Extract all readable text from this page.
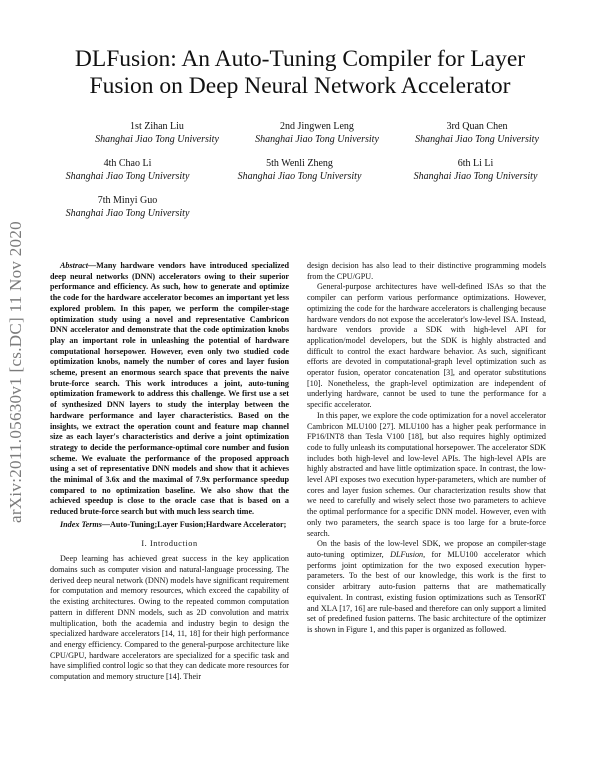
arXiv:2011.05630v1 [cs.DC] 11 Nov 2020
DLFusion: An Auto-Tuning Compiler for Layer
Fusion on Deep Neural Network Accelerator
1st Zihan Liu
Shanghai Jiao Tong University
2nd Jingwen Leng
Shanghai Jiao Tong University
3rd Quan Chen
Shanghai Jiao Tong University
4th Chao Li
Shanghai Jiao Tong University
5th Wenli Zheng
Shanghai Jiao Tong University
6th Li Li
Shanghai Jiao Tong University
7th Minyi Guo
Shanghai Jiao Tong University

Abstract—Many hardware vendors have introduced specialized deep neural networks (DNN) accelerators owing to their superior performance and efficiency. As such, how to generate and optimize the code for the hardware accelerator becomes an important yet less explored problem. In this paper, we perform the compiler-stage optimization study using a novel and representative Cambricon DNN accelerator and demonstrate that the code optimization knobs play an important role in unleashing the potential of hardware computational horsepower. However, even only two studied code optimization knobs, namely the number of cores and layer fusion scheme, present an enormous search space that prevents the naive brute-force search. This work introduces a joint, auto-tuning optimization framework to address this challenge. We first use a set of synthesized DNN layers to study the interplay between the hardware performance and layer characteristics. Based on the insights, we extract the operation count and feature map channel size as each layer's characteristics and derive a joint optimization strategy to decide the performance-optimal core number and fusion scheme. We evaluate the performance of the proposed approach using a set of representative DNN models and show that it achieves the minimal of 3.6x and the maximal of 7.9x performance speedup compared to no optimization baseline. We also show that the achieved speedup is close to the oracle case that is based on a reduced brute-force search but with much less search time.

Index Terms—Auto-Tuning;Layer Fusion;Hardware Accelerator;

I. Introduction

Deep learning has achieved great success in the key application domains such as computer vision and natural-language processing. The derived deep neural network (DNN) models have significant requirement for computation and memory resources, which exceed the capability of the existing architectures. Owing to the repeated common computation pattern in different DNN models, such as 2D convolution and matrix multiplication, both the academia and industry begin to design the specialized hardware accelerators [14, 11, 18] for their high performance and energy efficiency. Compared to the general-purpose architecture like CPU/GPU, hardware accelerators are specialized for a specific task and have simplified control logic so that they can dedicate more resources for computation and memory structure [14]. Their

design decision has also lead to their distinctive programming models from the CPU/GPU.

General-purpose architectures have well-defined ISAs so that the compiler can perform various performance optimizations. However, optimizing the code for the hardware accelerators is challenging because hardware vendors do not expose the accelerator's low-level ISA. Instead, hardware vendors provide a SDK with high-level API for application/model developers, but the SDK is highly abstracted and difficult to control the exact hardware behavior. As such, significant efforts are devoted in computational-graph level optimization such as operator fusion, operator concatenation [3], and operator substitutions [10]. Nonetheless, the graph-level optimization are independent of underlying hardware, cannot be used to tune the performance for a specific accelerator.

In this paper, we explore the code optimization for a novel accelerator Cambricon MLU100 [27]. MLU100 has a higher peak performance in FP16/INT8 than Tesla V100 [18], but also requires highly optimized code to fully unleash its computational horsepower. The accelerator SDK includes both high-level and low-level APIs. The high-level APIs are highly abstracted and have little optimization space. In contrast, the low-level API exposes two execution hyper-parameters, which are number of cores and layer fusion schemes. Our characterization results show that we need to carefully and wisely select those two parameters to achieve the optimal performance for a specific DNN model. However, even with only two parameters, the search space is too large for a brute-force search.

On the basis of the low-level SDK, we propose an compiler-stage auto-tuning optimizer, DLFusion, for MLU100 accelerator which performs joint optimization for the two exposed execution hyper-parameters. To the best of our knowledge, this work is the first to consider arbitrary auto-fusion patterns that are mathematically equivalent. In contrast, existing fusion optimizations such as TensorRT and XLA [17, 16] are rule-based and therefore can only support a limited set of predefined fusion patterns. The basic architecture of the optimizer is shown in Figure 1, and this paper is organized as followed.
